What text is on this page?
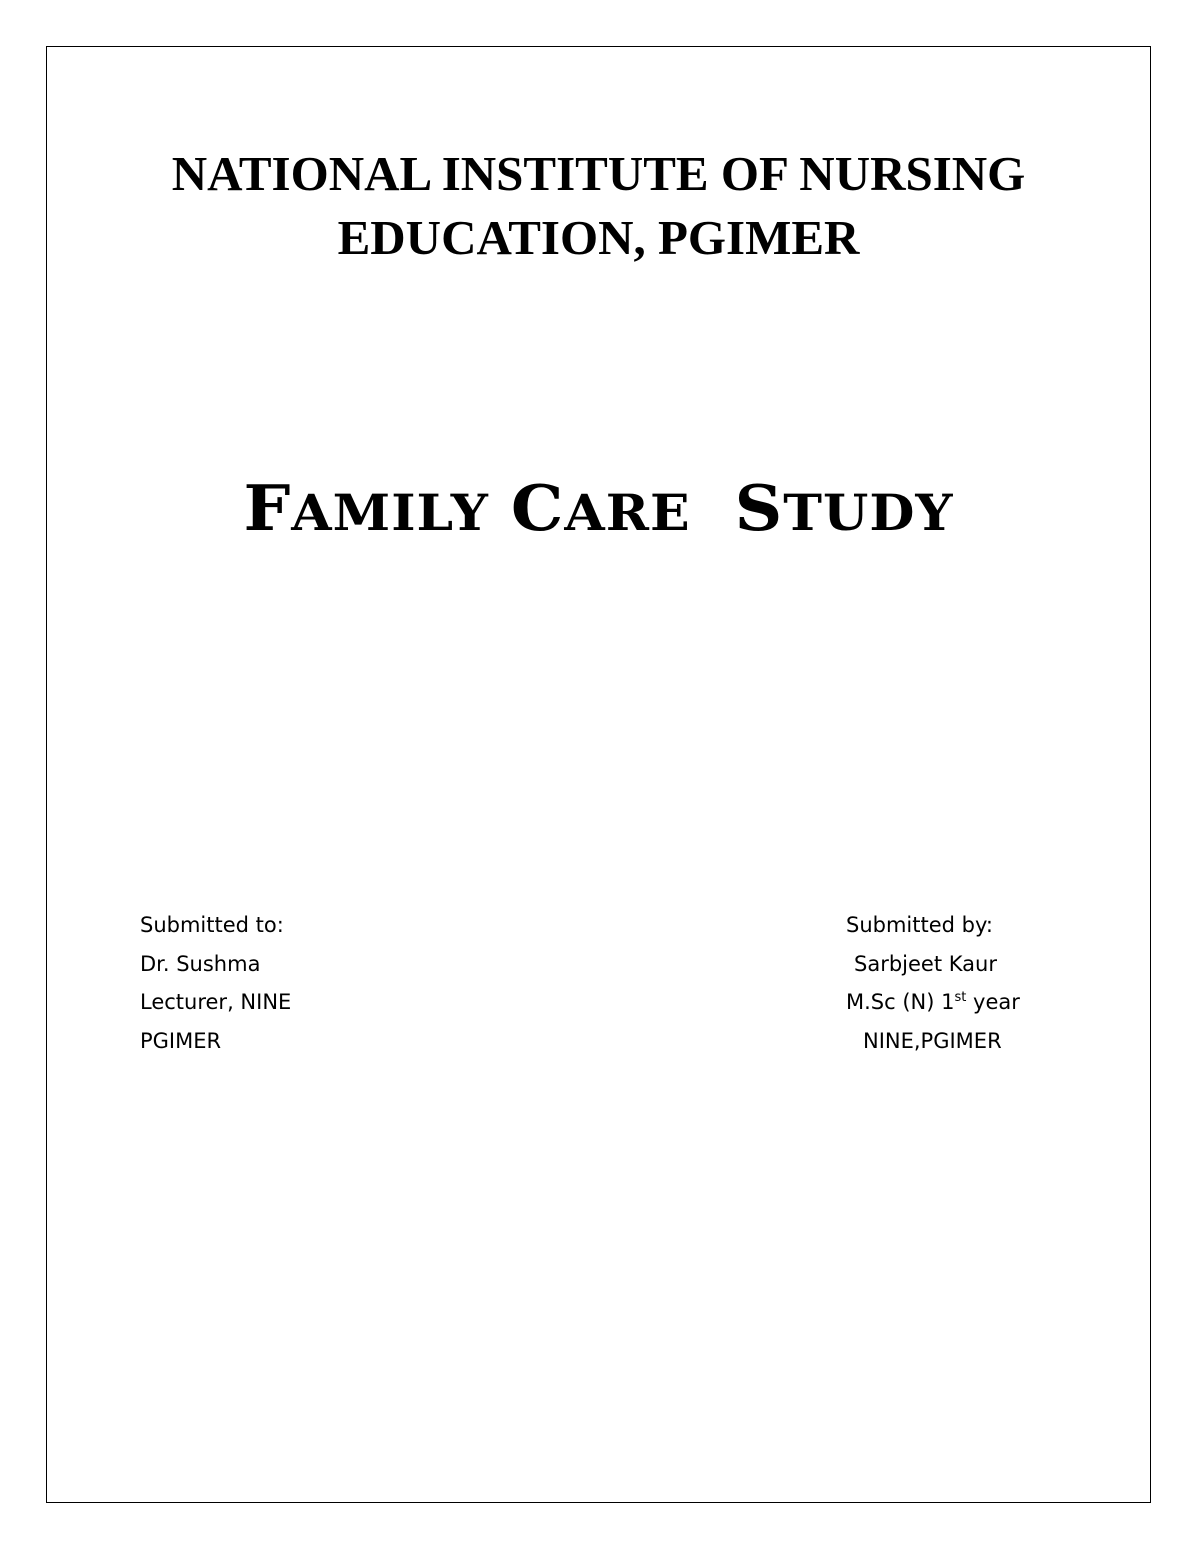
NATIONAL INSTITUTE OF NURSING
EDUCATION, PGIMER
FAMILY CARE STUDY
Submitted to:
Dr. Sushma
Lecturer, NINE
PGIMER
Submitted by:
Sarbjeet Kaur
M.Sc (N) 1st year
NINE,PGIMER
